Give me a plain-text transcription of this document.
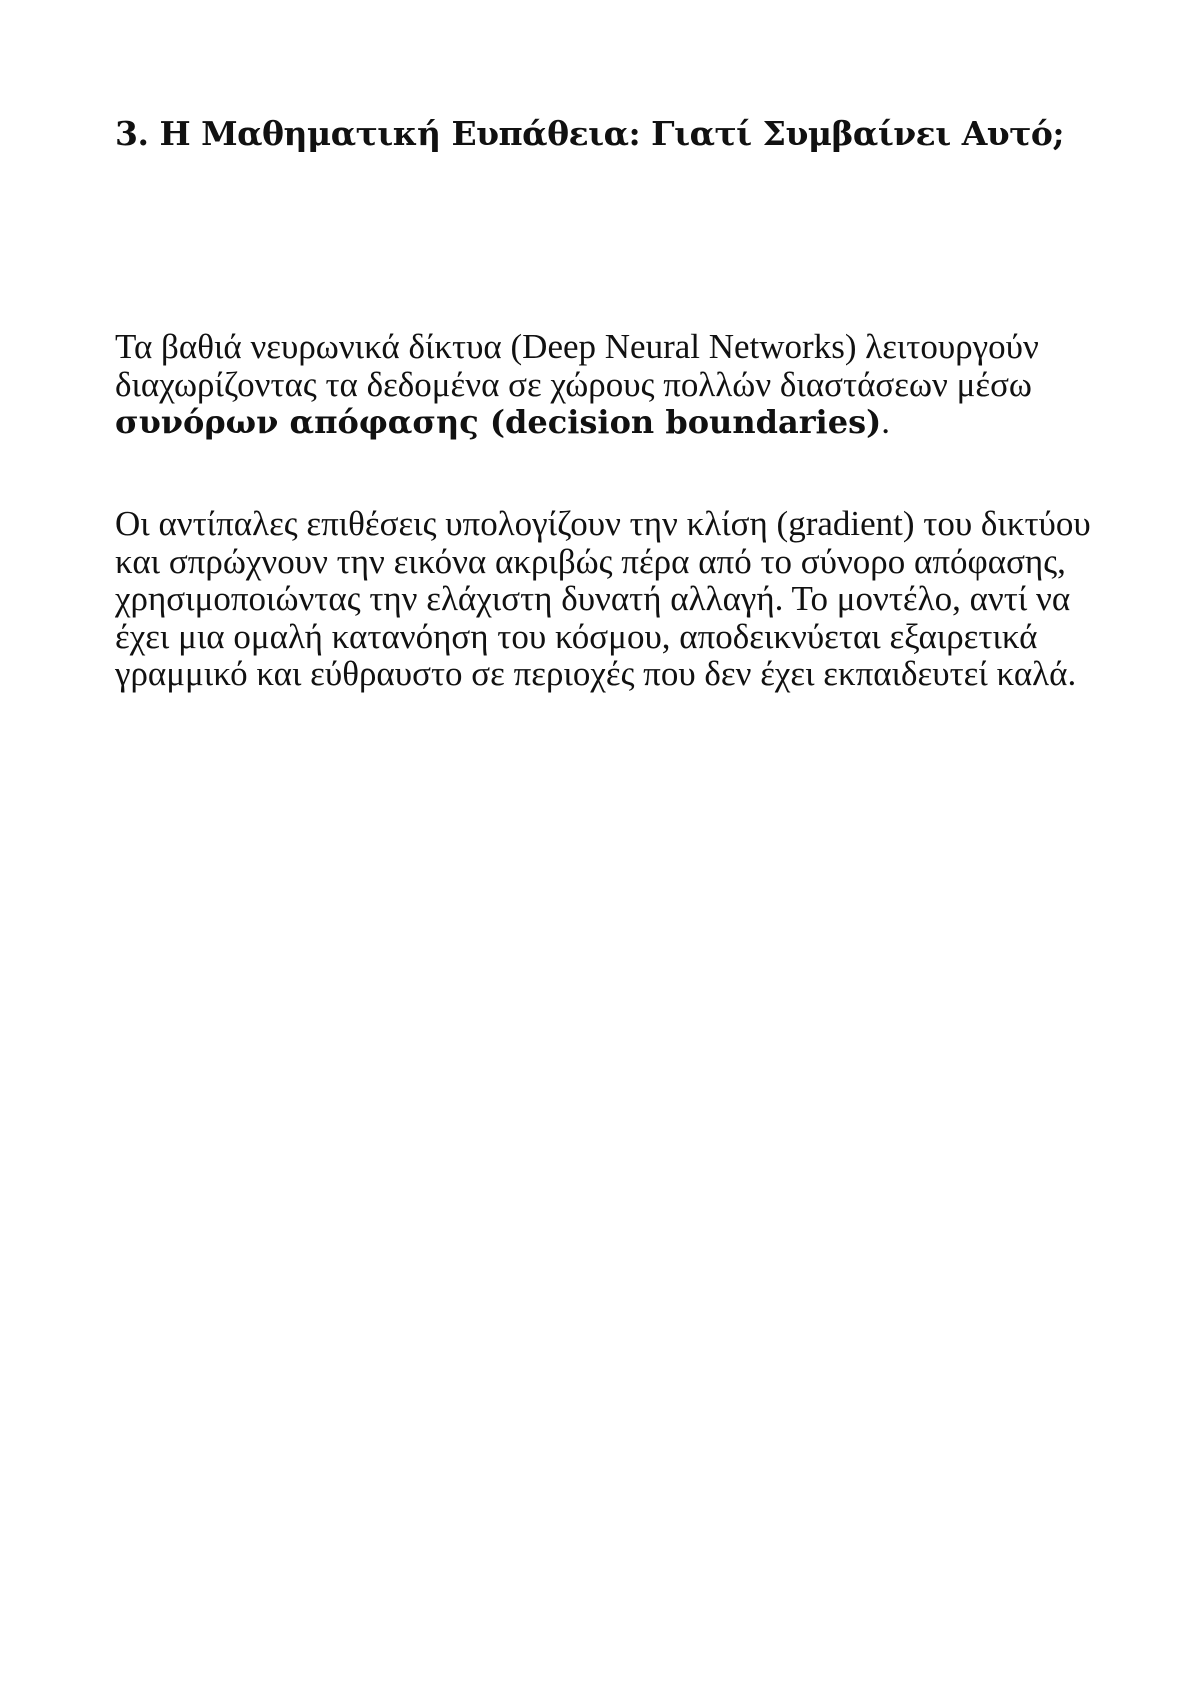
3. Η Μαθηματική Ευπάθεια: Γιατί Συμβαίνει Αυτό;

Τα βαθιά νευρωνικά δίκτυα (Deep Neural Networks) λειτουργούν διαχωρίζοντας τα δεδομένα σε χώρους πολλών διαστάσεων μέσω συνόρων απόφασης (decision boundaries).

Οι αντίπαλες επιθέσεις υπολογίζουν την κλίση (gradient) του δικτύου και σπρώχνουν την εικόνα ακριβώς πέρα από το σύνορο απόφασης, χρησιμοποιώντας την ελάχιστη δυνατή αλλαγή. Το μοντέλο, αντί να έχει μια ομαλή κατανόηση του κόσμου, αποδεικνύεται εξαιρετικά γραμμικό και εύθραυστο σε περιοχές που δεν έχει εκπαιδευτεί καλά.
